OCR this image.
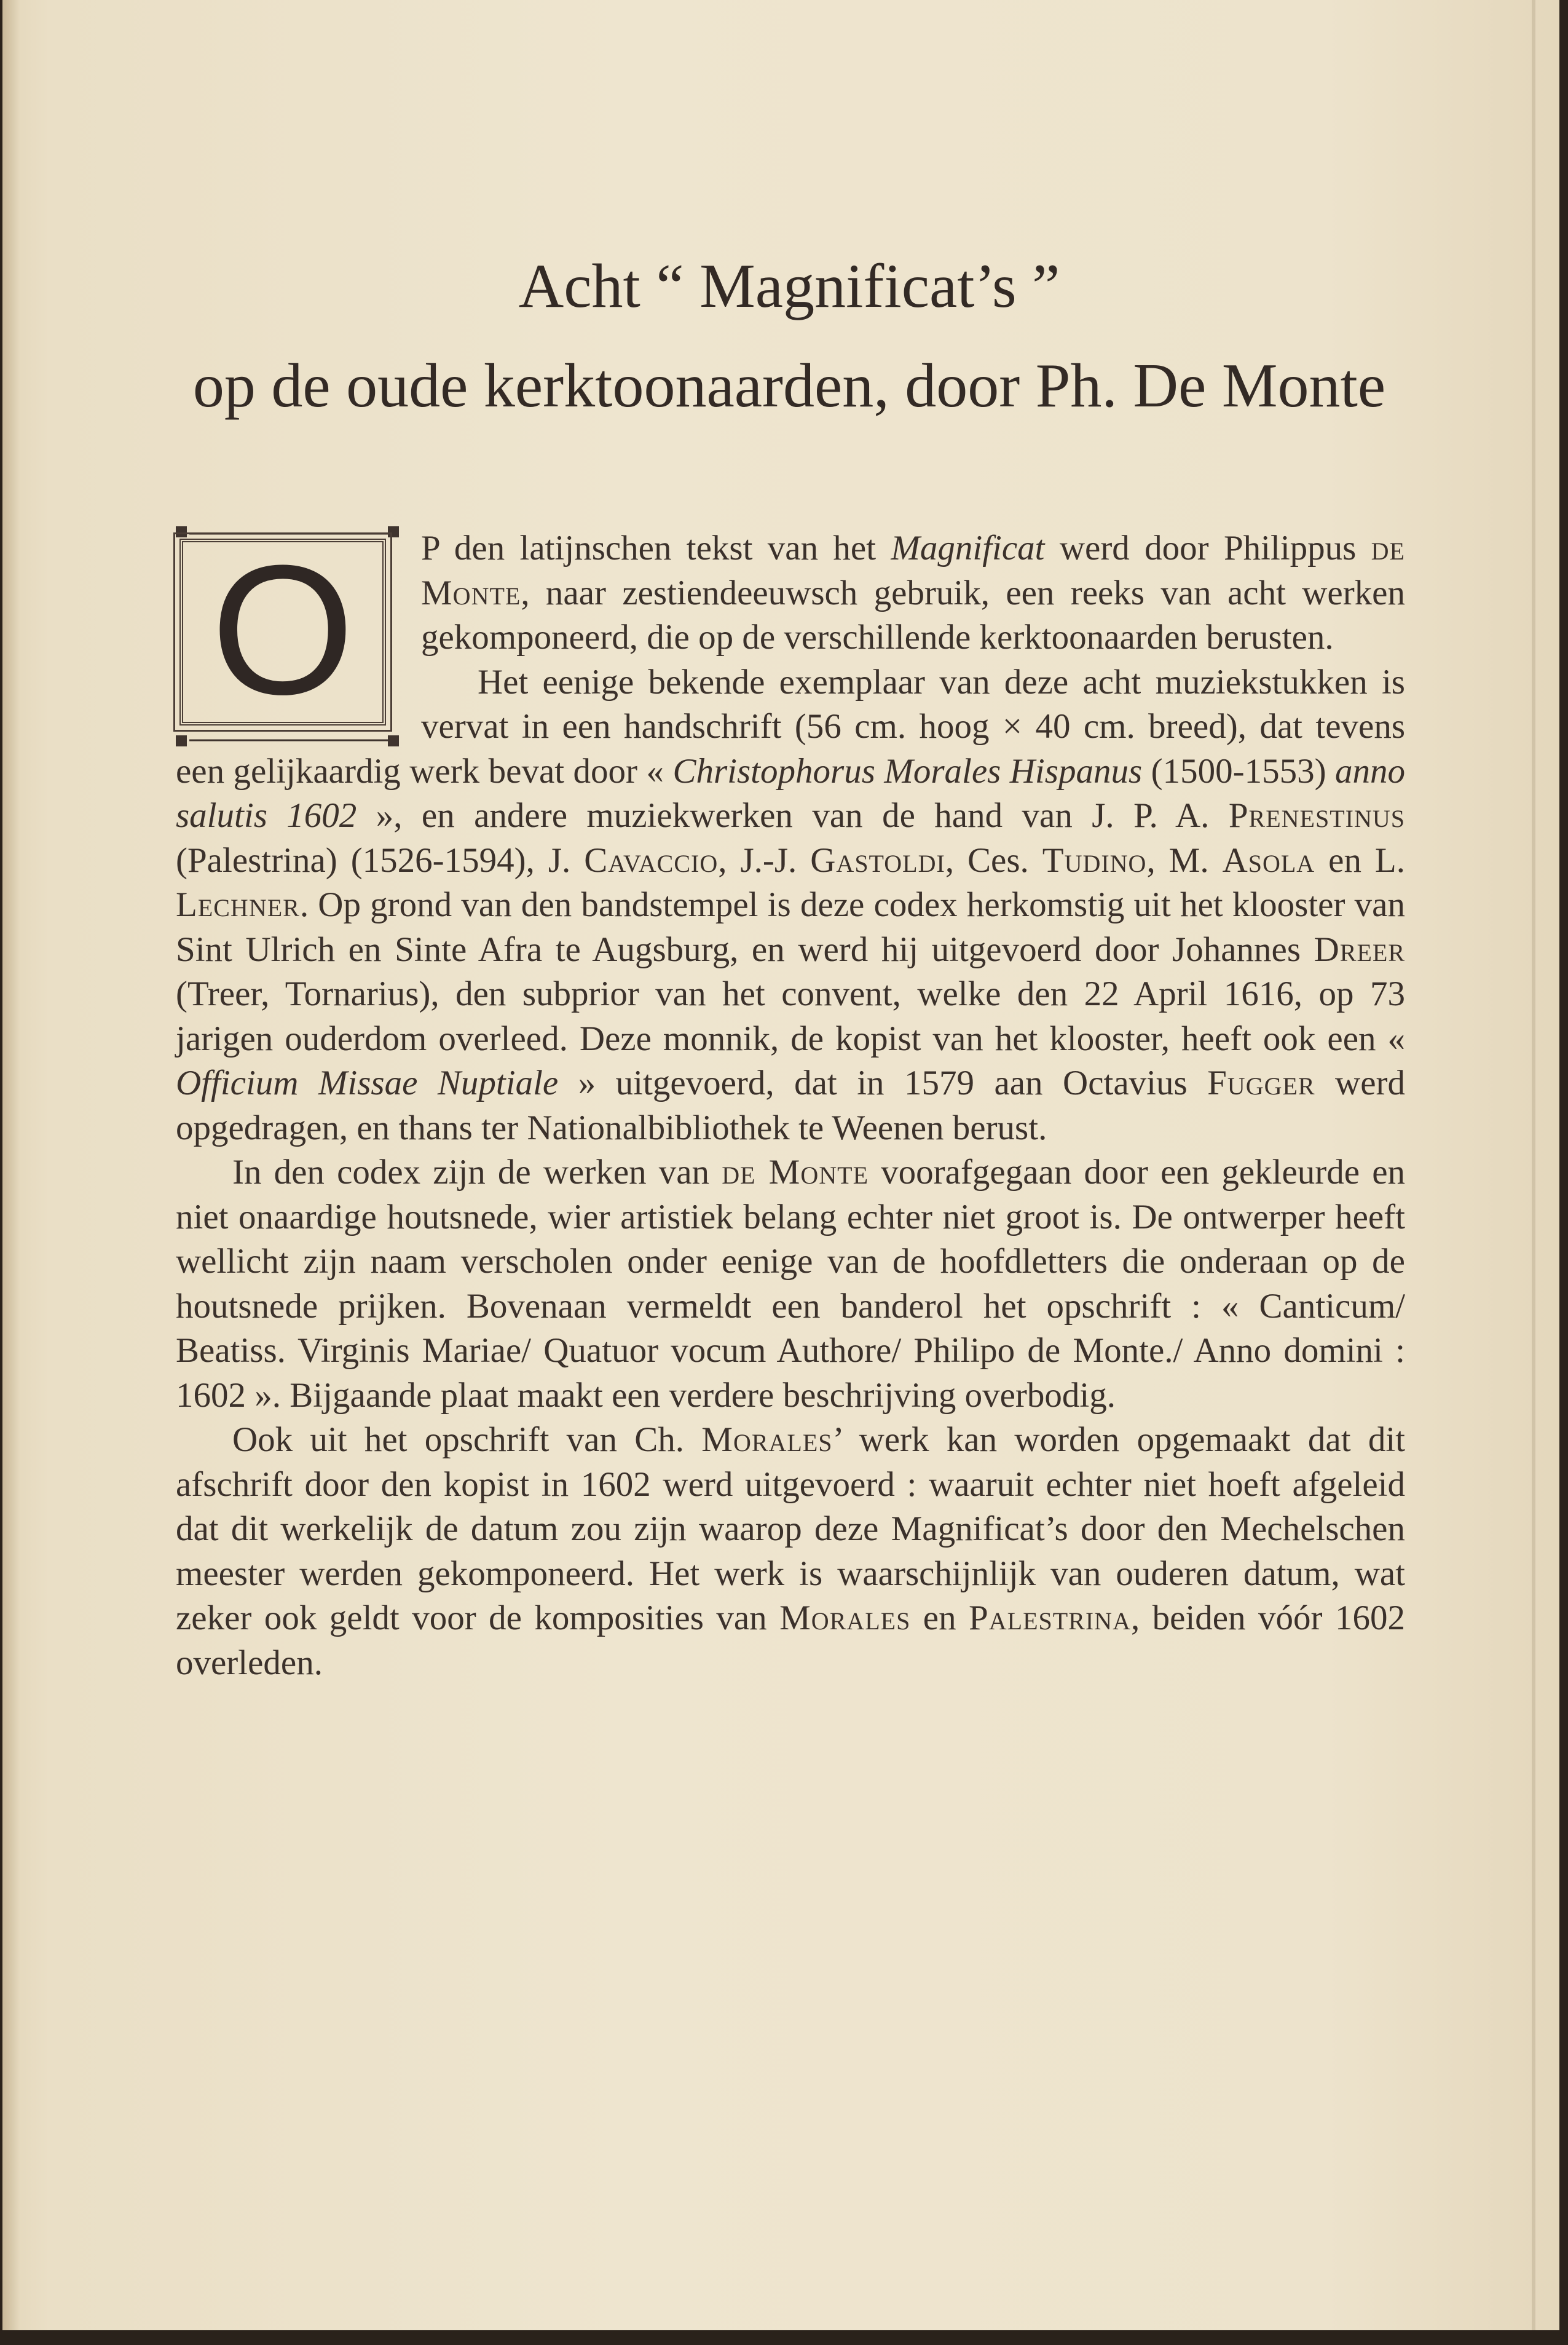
Acht “ Magnificat’s ”
op de oude kerktoonaarden, door Ph. De Monte
O	P den latijnschen tekst van het Magnificat werd door Philippus de Monte, naar zestiendeeuwsch gebruik, een reeks van acht werken gekomponeerd, die op de verschillende kerktoonaarden berusten.

Het eenige bekende exemplaar van deze acht muziekstukken is vervat in een handschrift (56 cm. hoog × 40 cm. breed), dat tevens een gelijkaardig werk bevat door « Christophorus Morales Hispanus (1500-1553) anno salutis 1602 », en andere muziekwerken van de hand van J. P. A. Prenestinus (Palestrina) (1526-1594), J. Cavaccio, J.-J. Gastoldi, Ces. Tudino, M. Asola en L. Lechner. Op grond van den bandstempel is deze codex herkomstig uit het klooster van Sint Ulrich en Sinte Afra te Augsburg, en werd hij uitgevoerd door Johannes Dreer (Treer, Tornarius), den subprior van het convent, welke den 22 April 1616, op 73 jarigen ouderdom overleed. Deze monnik, de kopist van het klooster, heeft ook een « Officium Missae Nuptiale » uitgevoerd, dat in 1579 aan Octavius Fugger werd opgedragen, en thans ter Nationalbibliothek te Weenen berust.

In den codex zijn de werken van de Monte voorafgegaan door een gekleurde en niet onaardige houtsnede, wier artistiek belang echter niet groot is. De ontwerper heeft wellicht zijn naam verscholen onder eenige van de hoofdletters die onderaan op de houtsnede prijken. Bovenaan vermeldt een banderol het opschrift : « Canticum/ Beatiss. Virginis Mariae/ Quatuor vocum Authore/ Philipo de Monte./ Anno domini : 1602 ». Bijgaande plaat maakt een verdere beschrijving overbodig.

Ook uit het opschrift van Ch. Morales’ werk kan worden opgemaakt dat dit afschrift door den kopist in 1602 werd uitgevoerd : waaruit echter niet hoeft afgeleid dat dit werkelijk de datum zou zijn waarop deze Magnificat’s door den Mechelschen meester werden gekomponeerd. Het werk is waarschijnlijk van ouderen datum, wat zeker ook geldt voor de komposities van Morales en Palestrina, beiden vóór 1602 overleden.
